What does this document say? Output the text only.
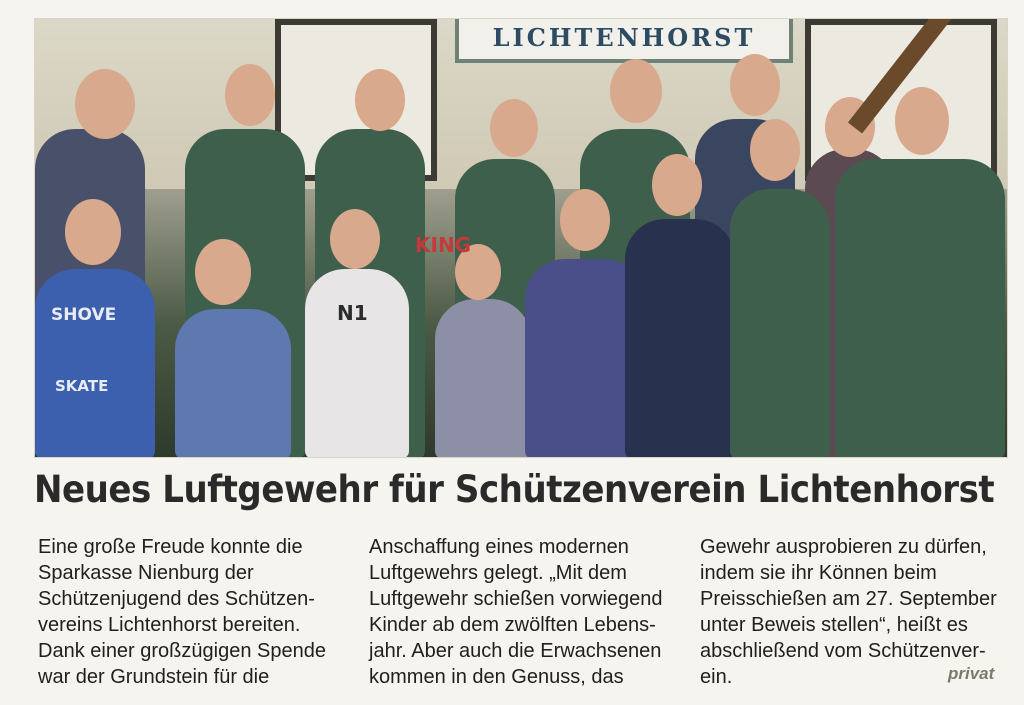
LICHTENHORST
SHOVE
SKATE
N1
KING
Neues Luftgewehr für Schützenverein Lichtenhorst
Eine große Freude konnte die
Sparkasse Nienburg der
Schützenjugend des Schützen-
vereins Lichtenhorst bereiten.
Dank einer großzügigen Spende
war der Grundstein für die
Anschaffung eines modernen
Luftgewehrs gelegt. „Mit dem
Luftgewehr schießen vorwiegend
Kinder ab dem zwölften Lebens-
jahr. Aber auch die Erwachsenen
kommen in den Genuss, das
Gewehr ausprobieren zu dürfen,
indem sie ihr Können beim
Preisschießen am 27. September
unter Beweis stellen“, heißt es
abschließend vom Schützenver-
ein.	privat
